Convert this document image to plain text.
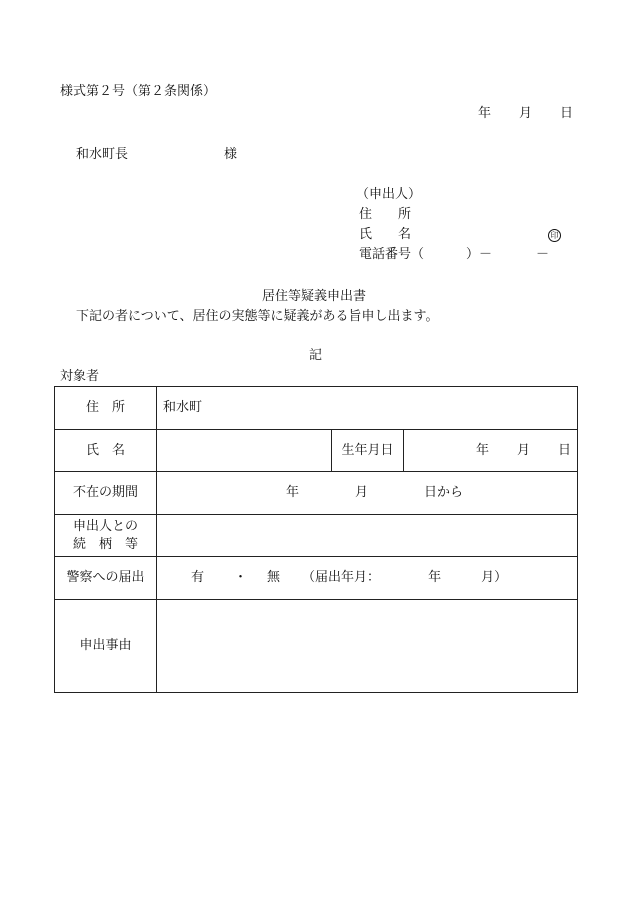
様式第２号（第２条関係）
年 月 日
和水町長	様
（申出人）
住　　所
氏　　名	印
電話番号（	）－	－
居住等疑義申出書
下記の者について、居住の実態等に疑義がある旨申し出ます。
記
対象者
住　所	和水町		
氏　名		生年月日	年 月 日
不在の期間	年 月 日から		

申出人との
続　柄　等			

警察への届出	有 ・ 無 （届出年月： 年 月）		
申出事由			
